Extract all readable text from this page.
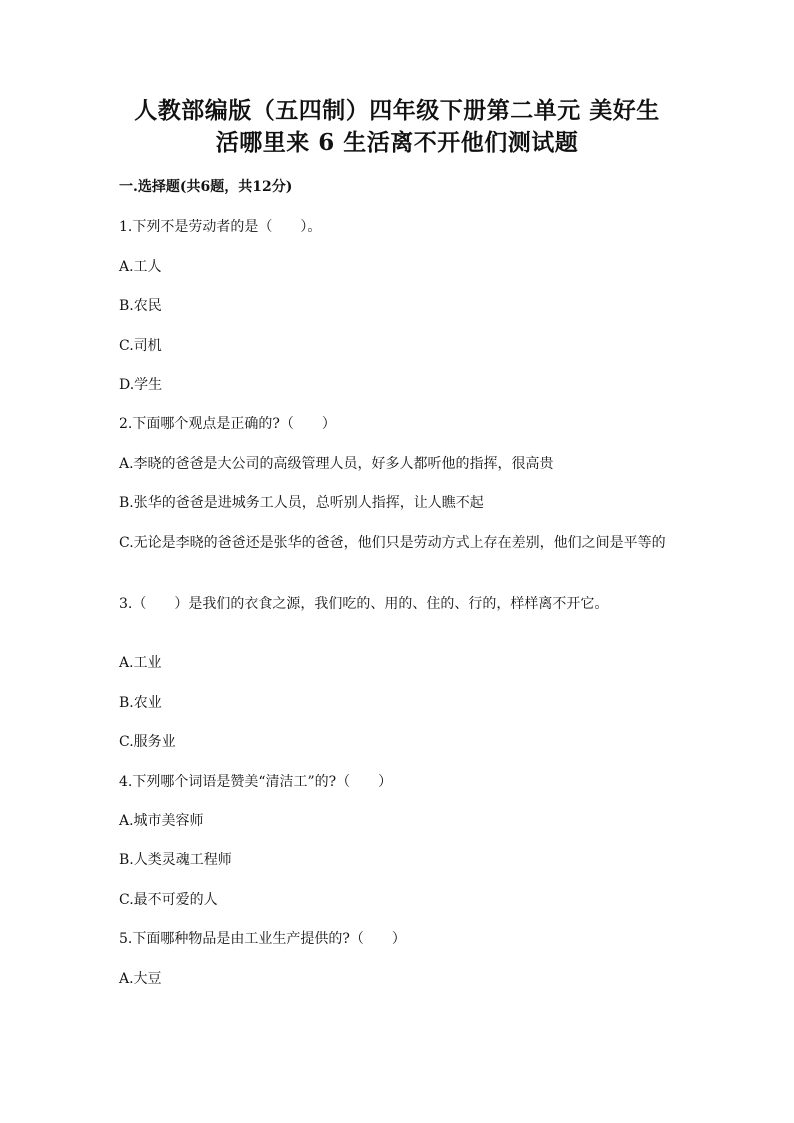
人教部编版（五四制）四年级下册第二单元 美好生
活哪里来 6 生活离不开他们测试题
一.选择题(共6题，共12分)
1.下列不是劳动者的是（　　）。
A.工人
B.农民
C.司机
D.学生
2.下面哪个观点是正确的?（　　）
A.李晓的爸爸是大公司的高级管理人员，好多人都听他的指挥，很高贵
B.张华的爸爸是进城务工人员，总听别人指挥，让人瞧不起
C.无论是李晓的爸爸还是张华的爸爸，他们只是劳动方式上存在差别，他们之间是平等的
3.（　　）是我们的衣食之源，我们吃的、用的、住的、行的，样样离不开它。
A.工业
B.农业
C.服务业
4.下列哪个词语是赞美“清洁工”的?（　　）
A.城市美容师
B.人类灵魂工程师
C.最不可爱的人
5.下面哪种物品是由工业生产提供的?（　　）
A.大豆
